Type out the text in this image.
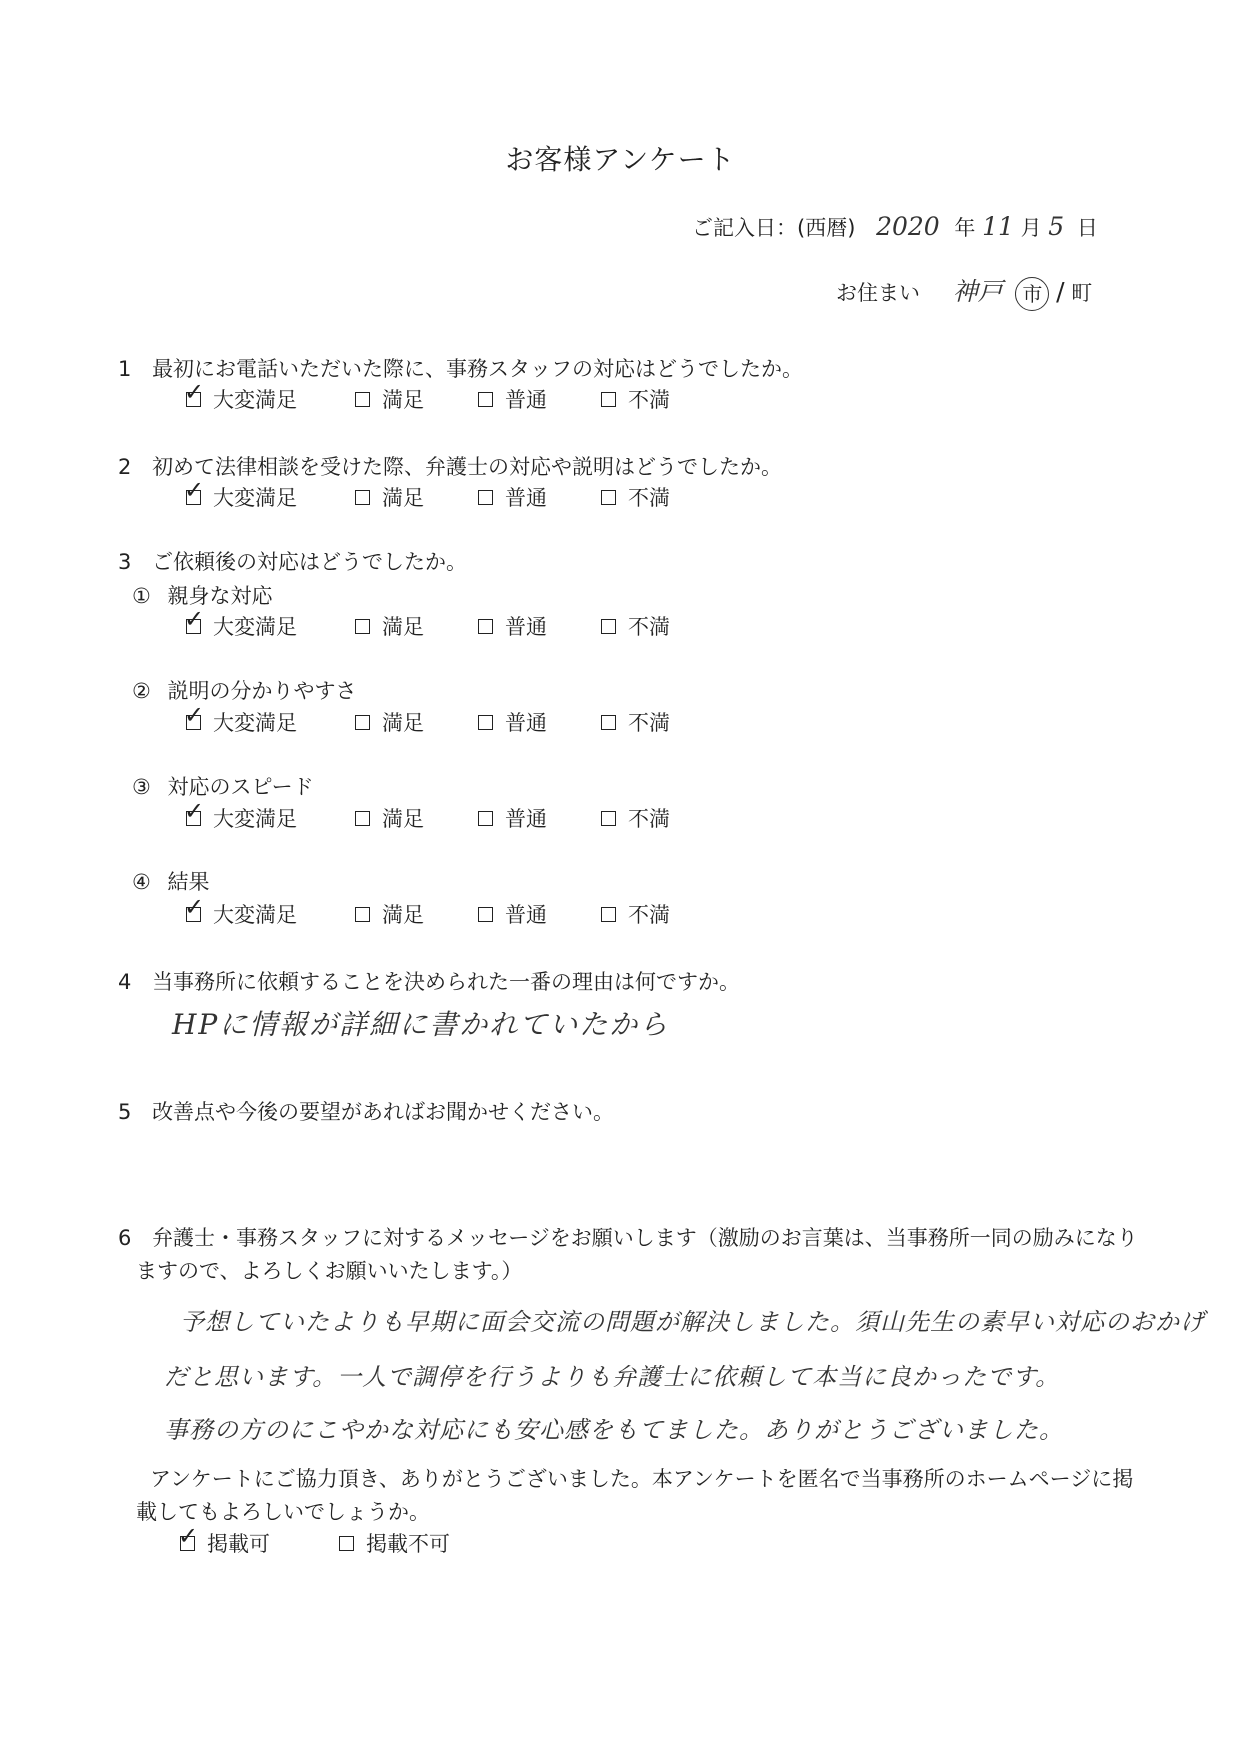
お客様アンケート
ご記入日：(西暦) 2020 年 11 月 5 日
お住まい 神戸 市 / 町
1 最初にお電話いただいた際に、事務スタッフの対応はどうでしたか。
✓ 大変満足	満足	普通	不満
2 初めて法律相談を受けた際、弁護士の対応や説明はどうでしたか。
✓ 大変満足	満足	普通	不満
3 ご依頼後の対応はどうでしたか。
① 親身な対応
✓ 大変満足	満足	普通	不満
② 説明の分かりやすさ
✓ 大変満足	満足	普通	不満
③ 対応のスピード
✓ 大変満足	満足	普通	不満
④ 結果
✓ 大変満足	満足	普通	不満
4 当事務所に依頼することを決められた一番の理由は何ですか。
HPに情報が詳細に書かれていたから
5 改善点や今後の要望があればお聞かせください。
6 弁護士・事務スタッフに対するメッセージをお願いします（激励のお言葉は、当事務所一同の励みになり
ますので、よろしくお願いいたします。）
予想していたよりも早期に面会交流の問題が解決しました。須山先生の素早い対応のおかげ
だと思います。一人で調停を行うよりも弁護士に依頼して本当に良かったです。
事務の方のにこやかな対応にも安心感をもてました。ありがとうございました。
アンケートにご協力頂き、ありがとうございました。本アンケートを匿名で当事務所のホームページに掲
載してもよろしいでしょうか。
✓ 掲載可	掲載不可
